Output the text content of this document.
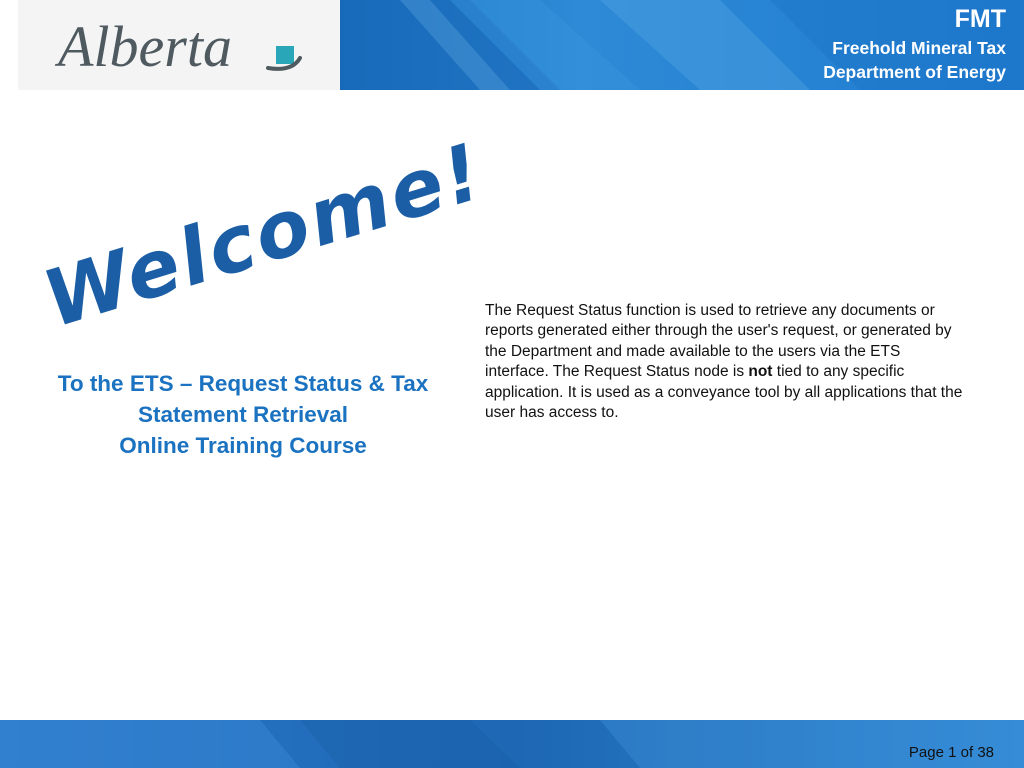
Alberta	FMT
Freehold Mineral Tax
Department of Energy
Welcome!
To the ETS – Request Status & Tax
Statement Retrieval
Online Training Course
The Request Status function is used to retrieve any documents or reports generated either through the user's request, or generated by the Department and made available to the users via the ETS interface. The Request Status node is not tied to any specific application. It is used as a conveyance tool by all applications that the user has access to.
Page 1 of 38
